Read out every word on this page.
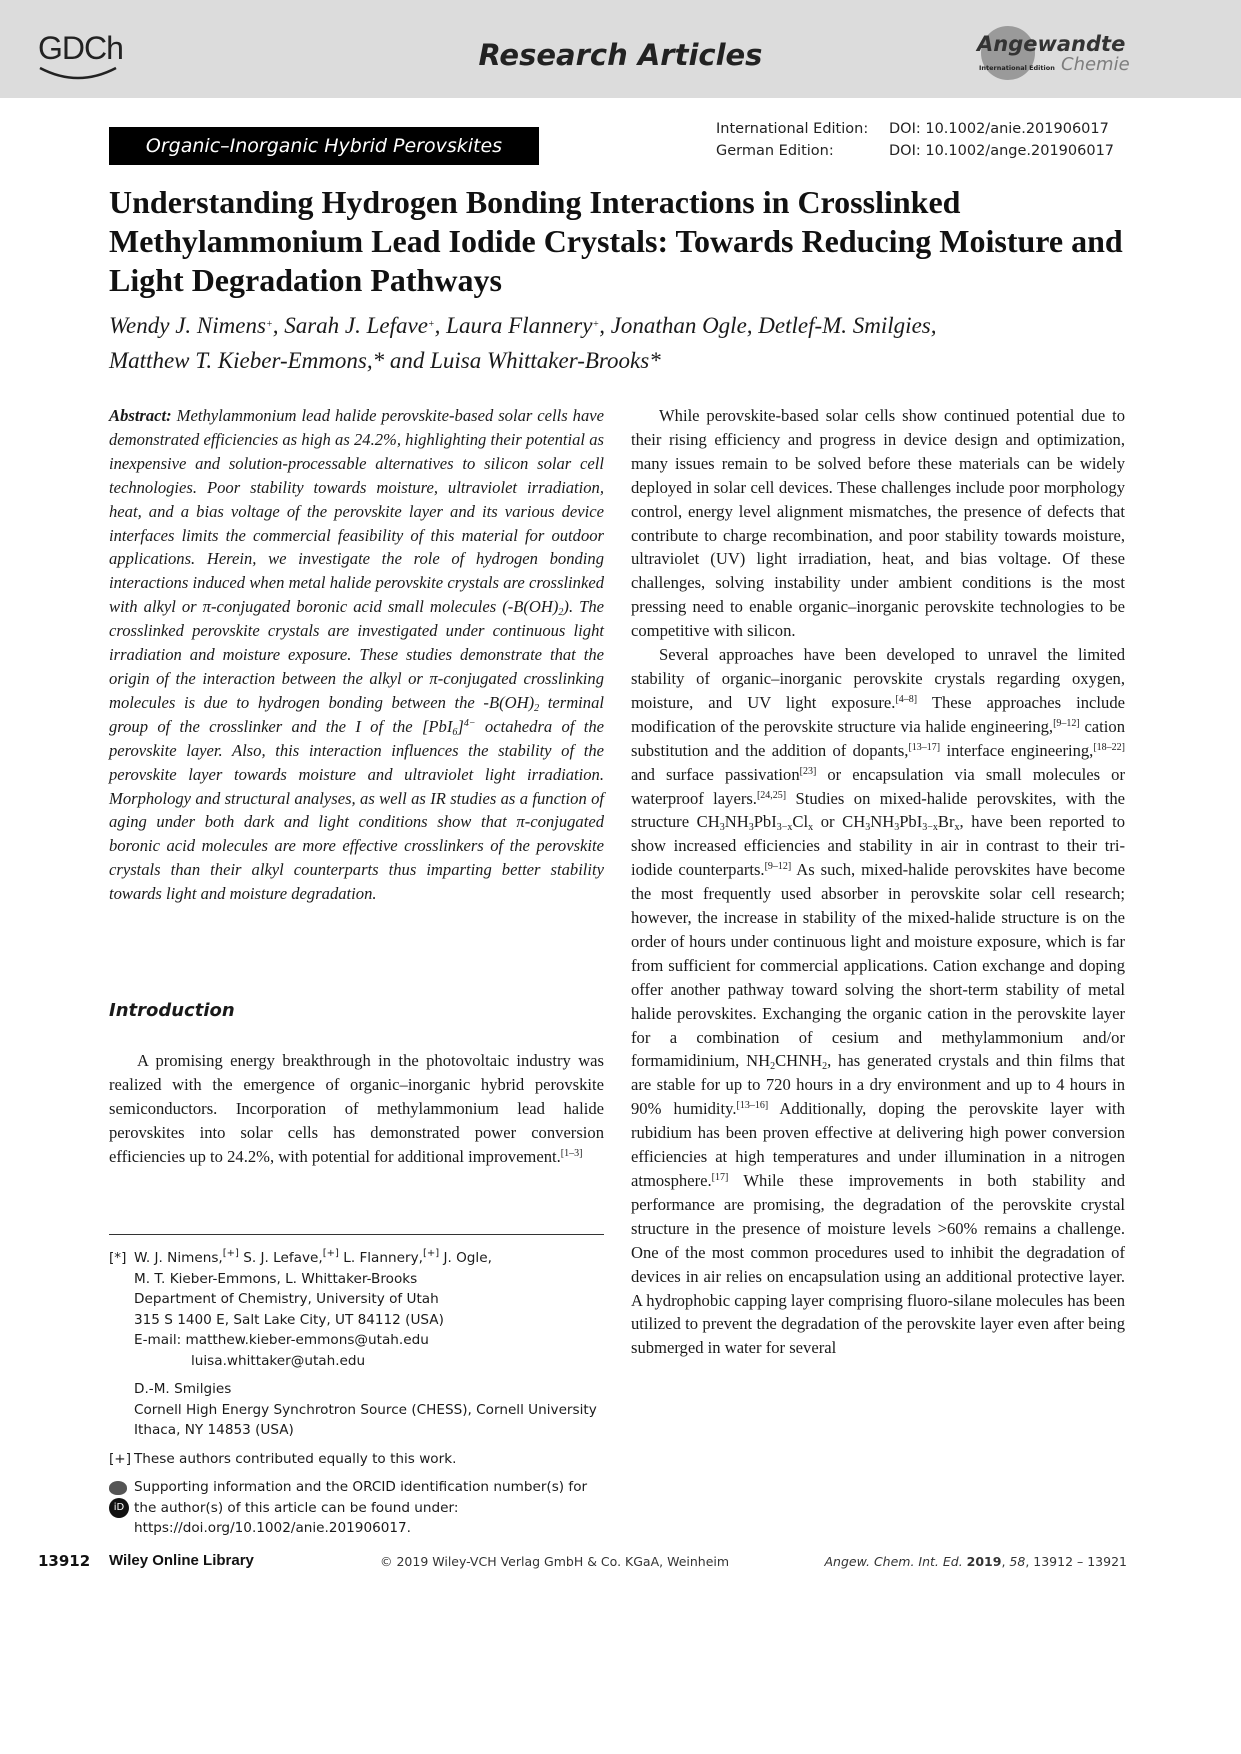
GDCh	Research Articles	Angewandte
Chemie
International Edition
Organic–Inorganic Hybrid Perovskites
International Edition: DOI: 10.1002/anie.201906017
German Edition:	DOI: 10.1002/ange.201906017
Understanding Hydrogen Bonding Interactions in Crosslinked Methylammonium Lead Iodide Crystals: Towards Reducing Moisture and Light Degradation Pathways
Wendy J. Nimens+, Sarah J. Lefave+, Laura Flannery+, Jonathan Ogle, Detlef-M. Smilgies,
Matthew T. Kieber-Emmons,* and Luisa Whittaker-Brooks*
Abstract: Methylammonium lead halide perovskite-based solar cells have demonstrated efficiencies as high as 24.2%, highlighting their potential as inexpensive and solution-processable alternatives to silicon solar cell technologies. Poor stability towards moisture, ultraviolet irradiation, heat, and a bias voltage of the perovskite layer and its various device interfaces limits the commercial feasibility of this material for outdoor applications. Herein, we investigate the role of hydrogen bonding interactions induced when metal halide perovskite crystals are crosslinked with alkyl or π-conjugated boronic acid small molecules $(-B(OH)_2)$. The crosslinked perovskite crystals are investigated under continuous light irradiation and moisture exposure. These studies demonstrate that the origin of the interaction between the alkyl or π-conjugated crosslinking molecules is due to hydrogen bonding between the $-B(OH)_2$ terminal group of the crosslinker and the I of the $[PbI_6]^{4-}$ octahedra of the perovskite layer. Also, this interaction influences the stability of the perovskite layer towards moisture and ultraviolet light irradiation. Morphology and structural analyses, as well as IR studies as a function of aging under both dark and light conditions show that π-conjugated boronic acid molecules are more effective crosslinkers of the perovskite crystals than their alkyl counterparts thus imparting better stability towards light and moisture degradation.
Introduction
A promising energy breakthrough in the photovoltaic industry was realized with the emergence of organic–inorganic hybrid perovskite semiconductors. Incorporation of methylammonium lead halide perovskites into solar cells has demonstrated power conversion efficiencies up to 24.2%, with potential for additional improvement.[1–3]
[*] W. J. Nimens,[+] S. J. Lefave,[+] L. Flannery,[+] J. Ogle,
M. T. Kieber-Emmons, L. Whittaker-Brooks
Department of Chemistry, University of Utah
315 S 1400 E, Salt Lake City, UT 84112 (USA)
E-mail: matthew.kieber-emmons@utah.edu
luisa.whittaker@utah.edu
D.-M. Smilgies
Cornell High Energy Synchrotron Source (CHESS), Cornell University
Ithaca, NY 14853 (USA)
[+] These authors contributed equally to this work.
iD
Supporting information and the ORCID identification number(s) for
the author(s) of this article can be found under:
https://doi.org/10.1002/anie.201906017.

While perovskite-based solar cells show continued potential due to their rising efficiency and progress in device design and optimization, many issues remain to be solved before these materials can be widely deployed in solar cell devices. These challenges include poor morphology control, energy level alignment mismatches, the presence of defects that contribute to charge recombination, and poor stability towards moisture, ultraviolet (UV) light irradiation, heat, and bias voltage. Of these challenges, solving instability under ambient conditions is the most pressing need to enable organic–inorganic perovskite technologies to be competitive with silicon.

Several approaches have been developed to unravel the limited stability of organic–inorganic perovskite crystals regarding oxygen, moisture, and UV light exposure.[4–8] These approaches include modification of the perovskite structure via halide engineering,[9–12] cation substitution and the addition of dopants,[13–17] interface engineering,[18–22] and surface passivation[23] or encapsulation via small molecules or waterproof layers.[24,25] Studies on mixed-halide perovskites, with the structure $CH_3NH_3PbI_{3-x}Cl_x$ or $CH_3NH_3PbI_{3-x}Br_x$, have been reported to show increased efficiencies and stability in air in contrast to their tri-iodide counterparts.[9–12] As such, mixed-halide perovskites have become the most frequently used absorber in perovskite solar cell research; however, the increase in stability of the mixed-halide structure is on the order of hours under continuous light and moisture exposure, which is far from sufficient for commercial applications. Cation exchange and doping offer another pathway toward solving the short-term stability of metal halide perovskites. Exchanging the organic cation in the perovskite layer for a combination of cesium and methylammonium and/or formamidinium, $NH_2CHNH_2$, has generated crystals and thin films that are stable for up to 720 hours in a dry environment and up to 4 hours in 90% humidity.[13–16] Additionally, doping the perovskite layer with rubidium has been proven effective at delivering high power conversion efficiencies at high temperatures and under illumination in a nitrogen atmosphere.[17] While these improvements in both stability and performance are promising, the degradation of the perovskite crystal structure in the presence of moisture levels >60% remains a challenge. One of the most common procedures used to inhibit the degradation of devices in air relies on encapsulation using an additional protective layer. A hydrophobic capping layer comprising fluoro-silane molecules has been utilized to prevent the degradation of the perovskite layer even after being submerged in water for several

13912 Wiley Online Library	© 2019 Wiley-VCH Verlag GmbH & Co. KGaA, Weinheim	Angew. Chem. Int. Ed. 2019, 58, 13912 – 13921
